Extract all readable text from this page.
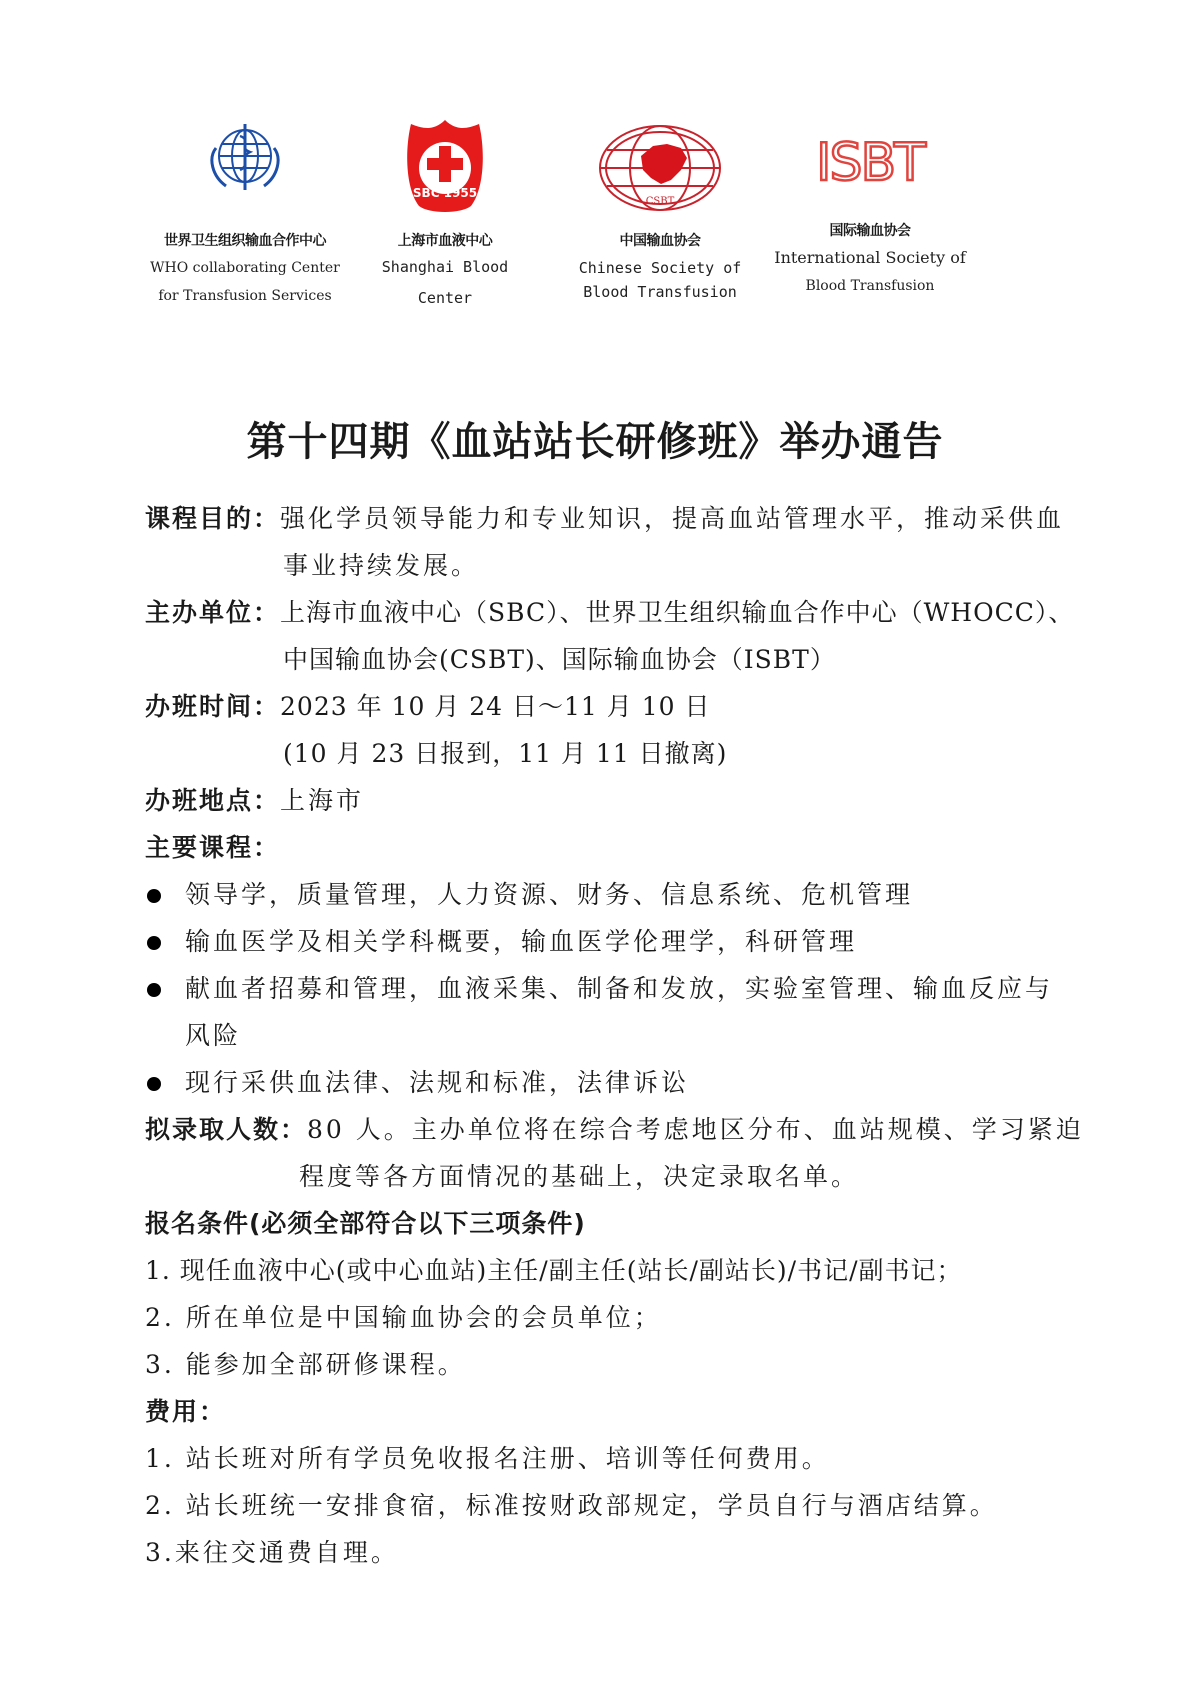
世界卫生组织输血合作中心
WHO collaborating Center
for Transfusion Services
SBC 1955
上海市血液中心
Shanghai Blood
Center
CSBT
中国输血协会
Chinese Society of
Blood Transfusion
ISBT
国际输血协会
International Society of
Blood Transfusion
第十四期《血站站长研修班》举办通告
课程目的：强化学员领导能力和专业知识，提高血站管理水平，推动采供血
事业持续发展。
主办单位：上海市血液中心（SBC）、世界卫生组织输血合作中心（WHOCC）、
中国输血协会(CSBT)、国际输血协会（ISBT）
办班时间：2023 年 10 月 24 日～11 月 10 日
(10 月 23 日报到，11 月 11 日撤离)
办班地点：上海市
主要课程：
领导学，质量管理，人力资源、财务、信息系统、危机管理
输血医学及相关学科概要，输血医学伦理学，科研管理
献血者招募和管理，血液采集、制备和发放，实验室管理、输血反应与
风险
现行采供血法律、法规和标准，法律诉讼
拟录取人数：80 人。主办单位将在综合考虑地区分布、血站规模、学习紧迫
程度等各方面情况的基础上，决定录取名单。
报名条件(必须全部符合以下三项条件)
1. 现任血液中心(或中心血站)主任/副主任(站长/副站长)/书记/副书记；
2. 所在单位是中国输血协会的会员单位；
3. 能参加全部研修课程。
费用：
1. 站长班对所有学员免收报名注册、培训等任何费用。
2. 站长班统一安排食宿，标准按财政部规定，学员自行与酒店结算。
3.来往交通费自理。
